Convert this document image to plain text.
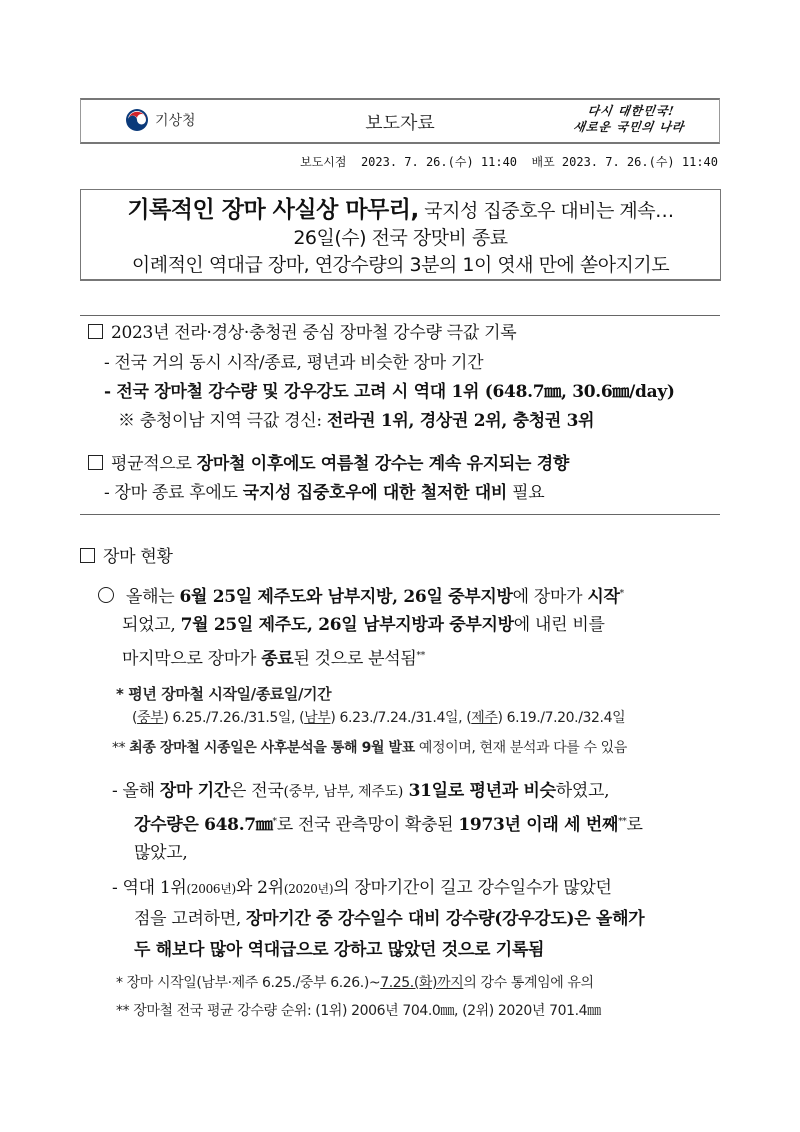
기상청	보도자료
다시 대한민국!
새로운 국민의 나라
보도시점 2023. 7. 26.(수) 11:40 배포 2023. 7. 26.(수) 11:40
기록적인 장마 사실상 마무리, 국지성 집중호우 대비는 계속…
26일(수) 전국 장맛비 종료
이례적인 역대급 장마, 연강수량의 3분의 1이 엿새 만에 쏟아지기도
2023년 전라·경상·충청권 중심 장마철 강수량 극값 기록
- 전국 거의 동시 시작/종료, 평년과 비슷한 장마 기간
- 전국 장마철 강수량 및 강우강도 고려 시 역대 1위 (648.7㎜, 30.6㎜/day)
※ 충청이남 지역 극값 경신: 전라권 1위, 경상권 2위, 충청권 3위
평균적으로 장마철 이후에도 여름철 강수는 계속 유지되는 경향
- 장마 종료 후에도 국지성 집중호우에 대한 철저한 대비 필요
장마 현황
올해는 6월 25일 제주도와 남부지방, 26일 중부지방에 장마가 시작*
되었고, 7월 25일 제주도, 26일 남부지방과 중부지방에 내린 비를
마지막으로 장마가 종료된 것으로 분석됨**
* 평년 장마철 시작일/종료일/기간
(중부) 6.25./7.26./31.5일, (남부) 6.23./7.24./31.4일, (제주) 6.19./7.20./32.4일
** 최종 장마철 시종일은 사후분석을 통해 9월 발표 예정이며, 현재 분석과 다를 수 있음
- 올해 장마 기간은 전국(중부, 남부, 제주도) 31일로 평년과 비슷하였고,
강수량은 648.7㎜*로 전국 관측망이 확충된 1973년 이래 세 번째**로
많았고,
- 역대 1위(2006년)와 2위(2020년)의 장마기간이 길고 강수일수가 많았던
점을 고려하면, 장마기간 중 강수일수 대비 강수량(강우강도)은 올해가
두 해보다 많아 역대급으로 강하고 많았던 것으로 기록됨
* 장마 시작일(남부·제주 6.25./중부 6.26.)~7.25.(화)까지의 강수 통계임에 유의
** 장마철 전국 평균 강수량 순위: (1위) 2006년 704.0㎜, (2위) 2020년 701.4㎜
